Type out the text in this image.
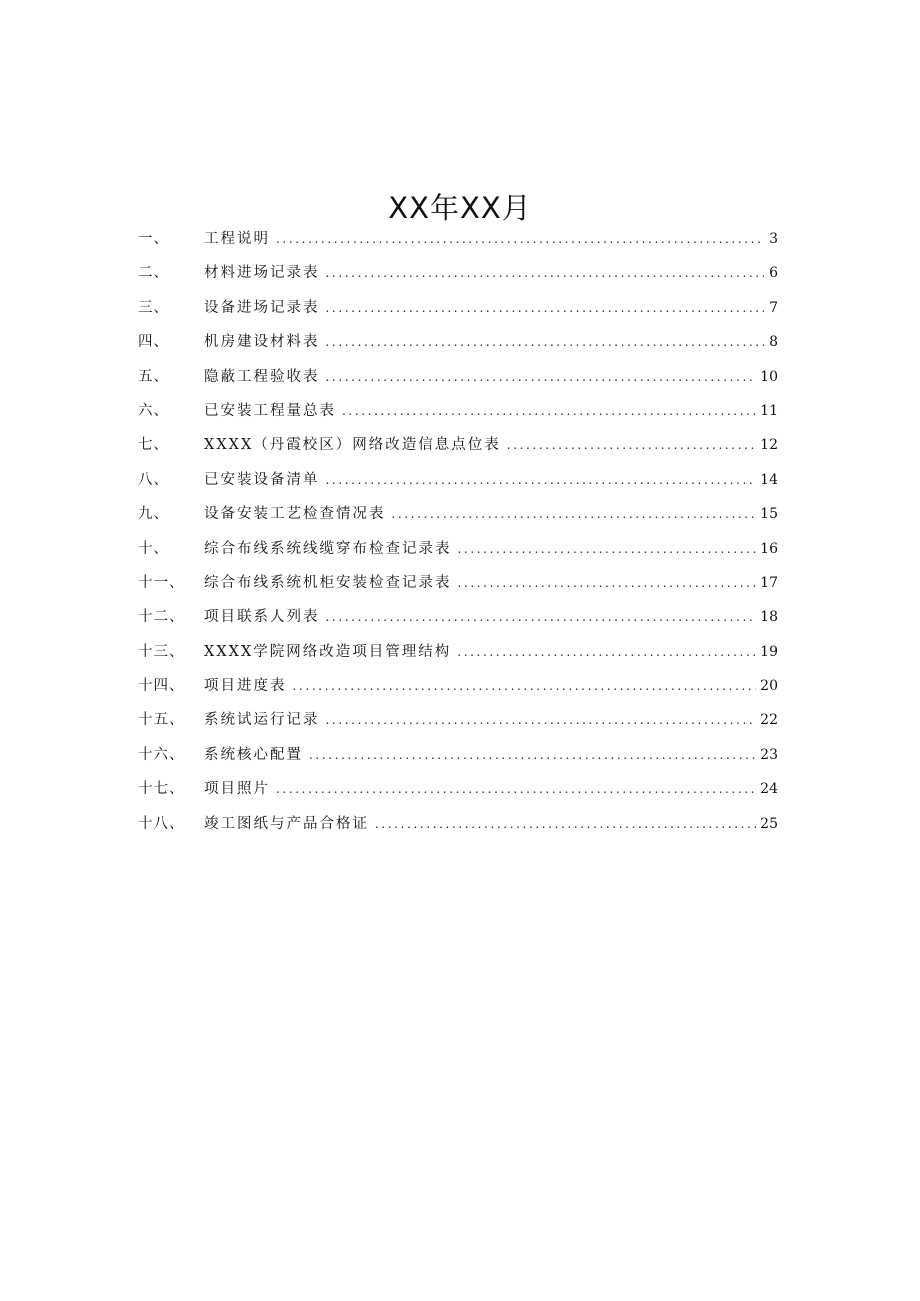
XX年XX月
一、	工程说明 .....	3
二、	材料进场记录表 .....	6
三、	设备进场记录表 .....	7
四、	机房建设材料表 .....	8
五、	隐蔽工程验收表 .....	10
六、	已安装工程量总表 .....	11
七、	XXXX（丹霞校区）网络改造信息点位表 .....	12
八、	已安装设备清单 .....	14
九、	设备安装工艺检查情况表 .....	15
十、	综合布线系统线缆穿布检查记录表 .....	16
十一、	综合布线系统机柜安装检查记录表 .....	17
十二、	项目联系人列表 .....	18
十三、	XXXX学院网络改造项目管理结构 .....	19
十四、	项目进度表 .....	20
十五、	系统试运行记录 .....	22
十六、	系统核心配置 .....	23
十七、	项目照片 .....	24
十八、	竣工图纸与产品合格证 .....	25
